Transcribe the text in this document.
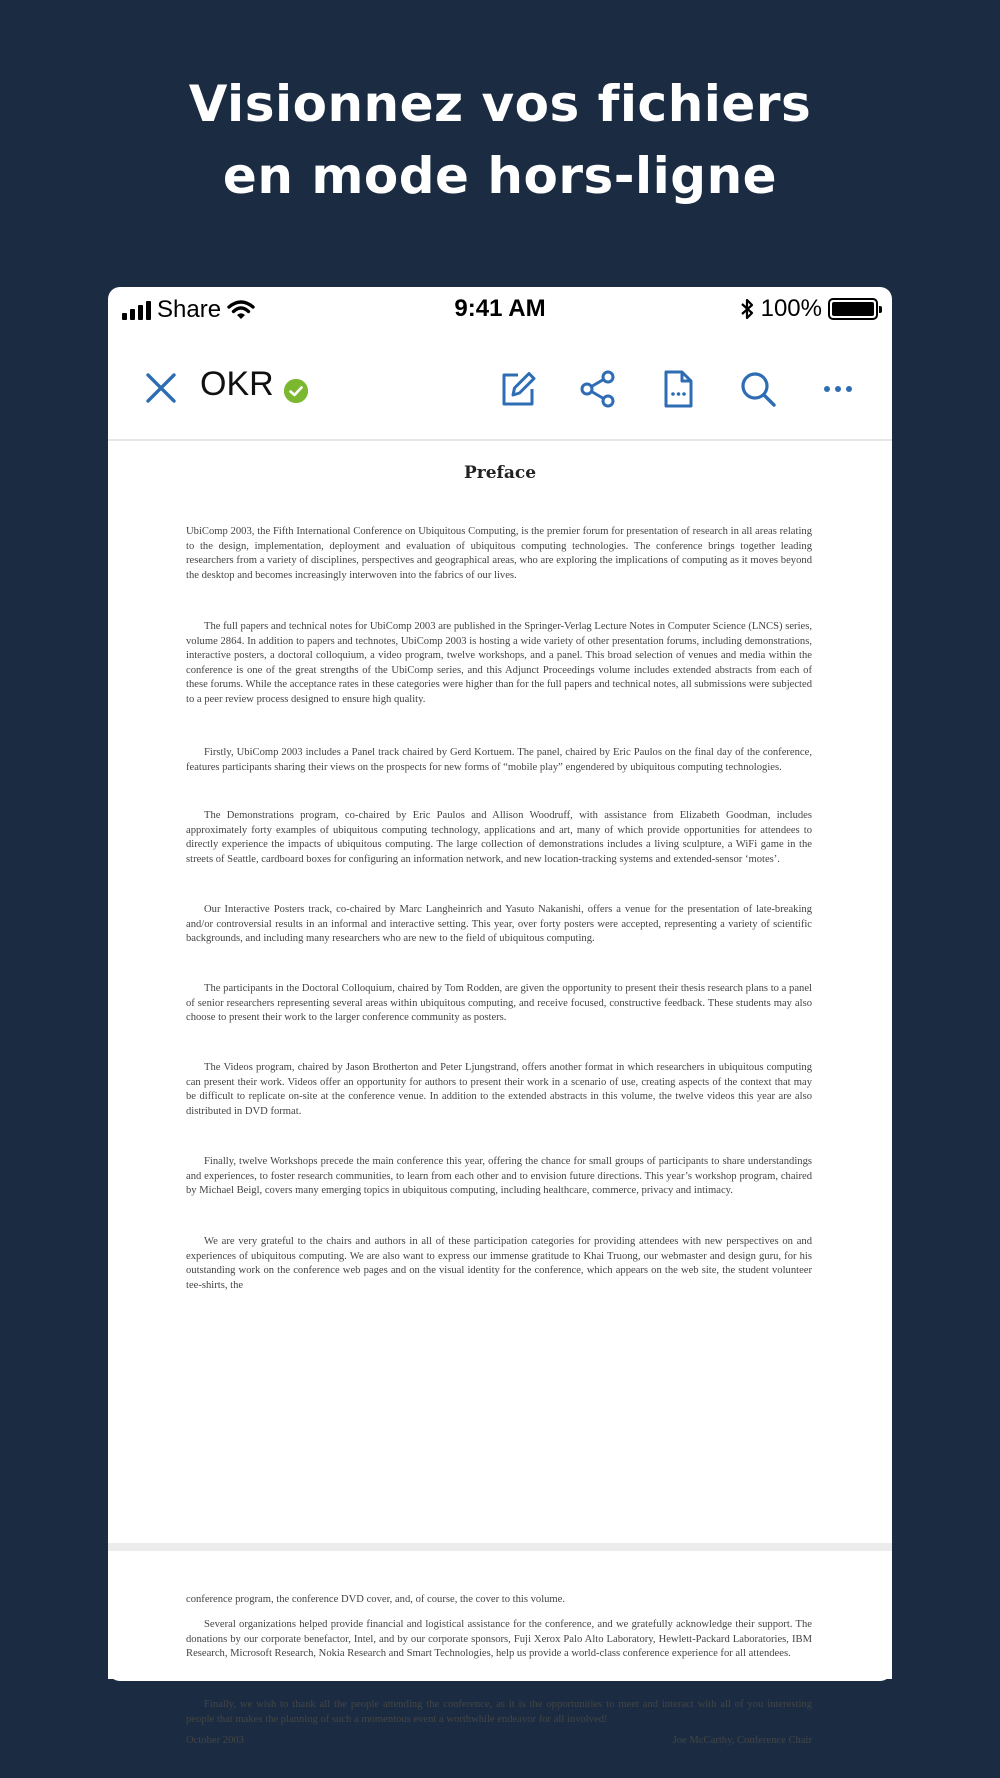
Visionnez vos fichiers
en mode hors-ligne
Share	9:41 AM	100%
OKR
Preface

UbiComp 2003, the Fifth International Conference on Ubiquitous Computing, is the premier forum for presentation of research in all areas relating to the design, implementation, deployment and evaluation of ubiquitous computing technologies. The conference brings together leading researchers from a variety of disciplines, perspectives and geographical areas, who are exploring the implications of computing as it moves beyond the desktop and becomes increasingly interwoven into the fabrics of our lives.

The full papers and technical notes for UbiComp 2003 are published in the Springer-Verlag Lecture Notes in Computer Science (LNCS) series, volume 2864. In addition to papers and technotes, UbiComp 2003 is hosting a wide variety of other presentation forums, including demonstrations, interactive posters, a doctoral colloquium, a video program, twelve workshops, and a panel. This broad selection of venues and media within the conference is one of the great strengths of the UbiComp series, and this Adjunct Proceedings volume includes extended abstracts from each of these forums. While the acceptance rates in these categories were higher than for the full papers and technical notes, all submissions were subjected to a peer review process designed to ensure high quality.

Firstly, UbiComp 2003 includes a Panel track chaired by Gerd Kortuem. The panel, chaired by Eric Paulos on the final day of the conference, features participants sharing their views on the prospects for new forms of “mobile play” engendered by ubiquitous computing technologies.

The Demonstrations program, co-chaired by Eric Paulos and Allison Woodruff, with assistance from Elizabeth Goodman, includes approximately forty examples of ubiquitous computing technology, applications and art, many of which provide opportunities for attendees to directly experience the impacts of ubiquitous computing. The large collection of demonstrations includes a living sculpture, a WiFi game in the streets of Seattle, cardboard boxes for configuring an information network, and new location-tracking systems and extended-sensor ‘motes’.

Our Interactive Posters track, co-chaired by Marc Langheinrich and Yasuto Nakanishi, offers a venue for the presentation of late-breaking and/or controversial results in an informal and interactive setting. This year, over forty posters were accepted, representing a variety of scientific backgrounds, and including many researchers who are new to the field of ubiquitous computing.

The participants in the Doctoral Colloquium, chaired by Tom Rodden, are given the opportunity to present their thesis research plans to a panel of senior researchers representing several areas within ubiquitous computing, and receive focused, constructive feedback. These students may also choose to present their work to the larger conference community as posters.

The Videos program, chaired by Jason Brotherton and Peter Ljungstrand, offers another format in which researchers in ubiquitous computing can present their work. Videos offer an opportunity for authors to present their work in a scenario of use, creating aspects of the context that may be difficult to replicate on-site at the conference venue. In addition to the extended abstracts in this volume, the twelve videos this year are also distributed in DVD format.

Finally, twelve Workshops precede the main conference this year, offering the chance for small groups of participants to share understandings and experiences, to foster research communities, to learn from each other and to envision future directions. This year’s workshop program, chaired by Michael Beigl, covers many emerging topics in ubiquitous computing, including healthcare, commerce, privacy and intimacy.

We are very grateful to the chairs and authors in all of these participation categories for providing attendees with new perspectives on and experiences of ubiquitous computing. We are also want to express our immense gratitude to Khai Truong, our webmaster and design guru, for his outstanding work on the conference web pages and on the visual identity for the conference, which appears on the web site, the student volunteer tee-shirts, the

conference program, the conference DVD cover, and, of course, the cover to this volume.

Several organizations helped provide financial and logistical assistance for the conference, and we gratefully acknowledge their support. The donations by our corporate benefactor, Intel, and by our corporate sponsors, Fuji Xerox Palo Alto Laboratory, Hewlett-Packard Laboratories, IBM Research, Microsoft Research, Nokia Research and Smart Technologies, help us provide a world-class conference experience for all attendees.

Finally, we wish to thank all the people attending the conference, as it is the opportunities to meet and interact with all of you interesting people that makes the planning of such a momentous event a worthwhile endeavor for all involved!

October 2003	Joe McCarthy, Conference Chair
